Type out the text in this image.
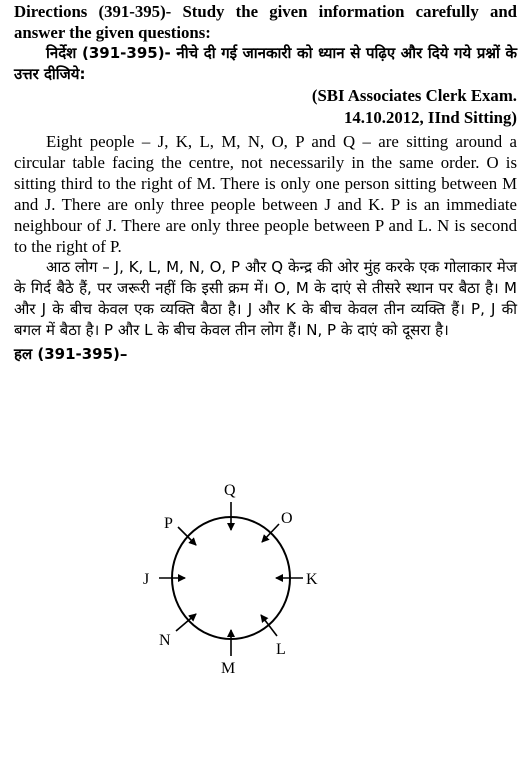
Directions (391-395)- Study the given information carefully and answer the given questions:

निर्देश (391-395)- नीचे दी गई जानकारी को ध्यान से पढ़िए और दिये गये प्रश्नों के उत्तर दीजिये:

(SBI Associates Clerk Exam.

14.10.2012, IInd Sitting)

Eight people – J, K, L, M, N, O, P and Q – are sitting around a circular table facing the centre, not necessarily in the same order. O is sitting third to the right of M. There is only one person sitting between M and J. There are only three people between J and K. P is an immediate neighbour of J. There are only three people between P and L. N is second to the right of P.

आठ लोग – J, K, L, M, N, O, P और Q केन्द्र की ओर मुंह करके एक गोलाकार मेज के गिर्द बैठे हैं, पर जरूरी नहीं कि इसी क्रम में। O, M के दाएं से तीसरे स्थान पर बैठा है। M और J के बीच केवल एक व्यक्ति बैठा है। J और K के बीच केवल तीन व्यक्ति हैं। P, J की बगल में बैठा है। P और L के बीच केवल तीन लोग हैं। N, P के दाएं को दूसरा है।

हल (391-395)–
Q
O
K
L
M
N
J
P
